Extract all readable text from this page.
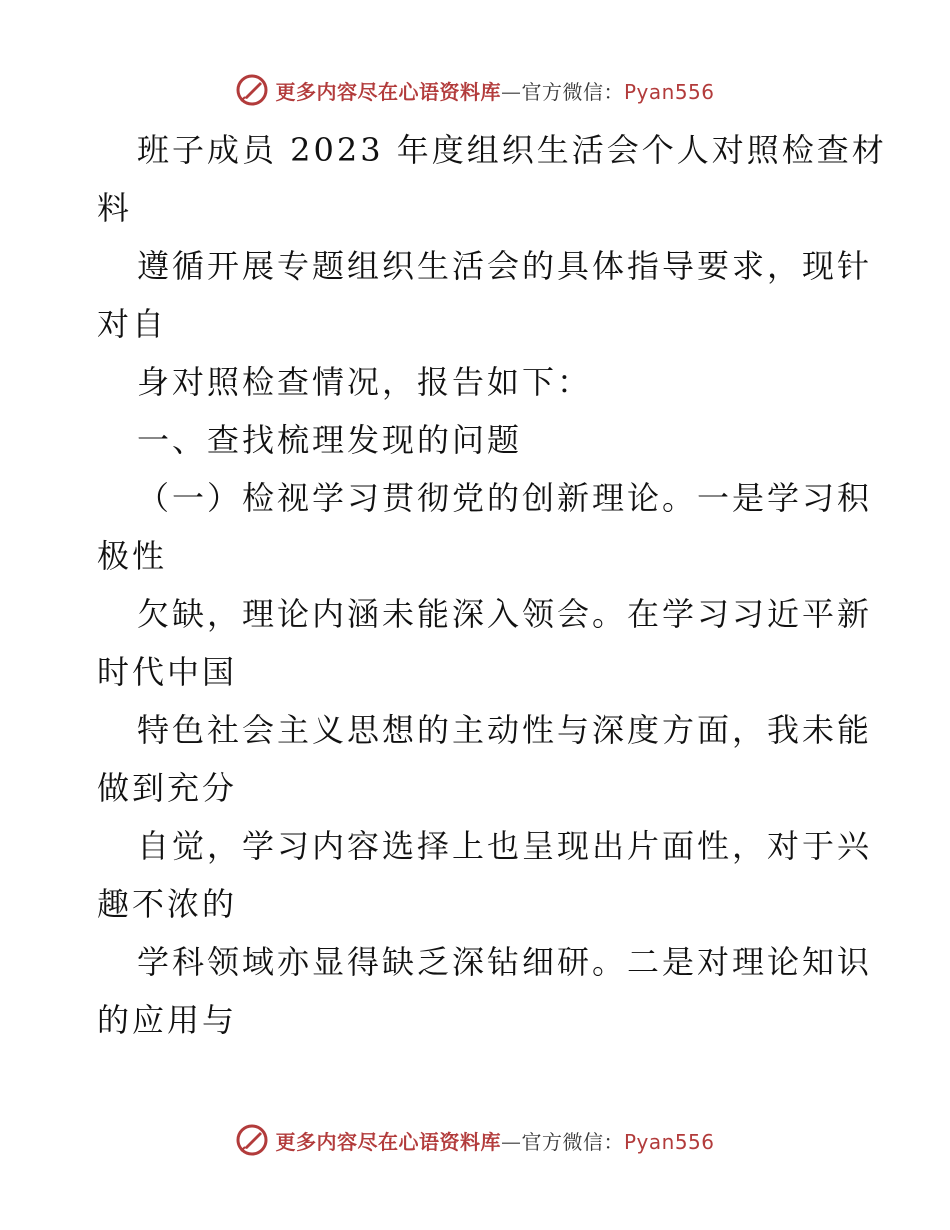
更多内容尽在心语资料库—官方微信：Pyan556
班子成员 2023 年度组织生活会个人对照检查材
料
遵循开展专题组织生活会的具体指导要求，现针
对自
身对照检查情况，报告如下：
一、查找梳理发现的问题
（一）检视学习贯彻党的创新理论。一是学习积
极性
欠缺，理论内涵未能深入领会。在学习习近平新
时代中国
特色社会主义思想的主动性与深度方面，我未能
做到充分
自觉，学习内容选择上也呈现出片面性，对于兴
趣不浓的
学科领域亦显得缺乏深钻细研。二是对理论知识
的应用与
更多内容尽在心语资料库—官方微信：Pyan556
